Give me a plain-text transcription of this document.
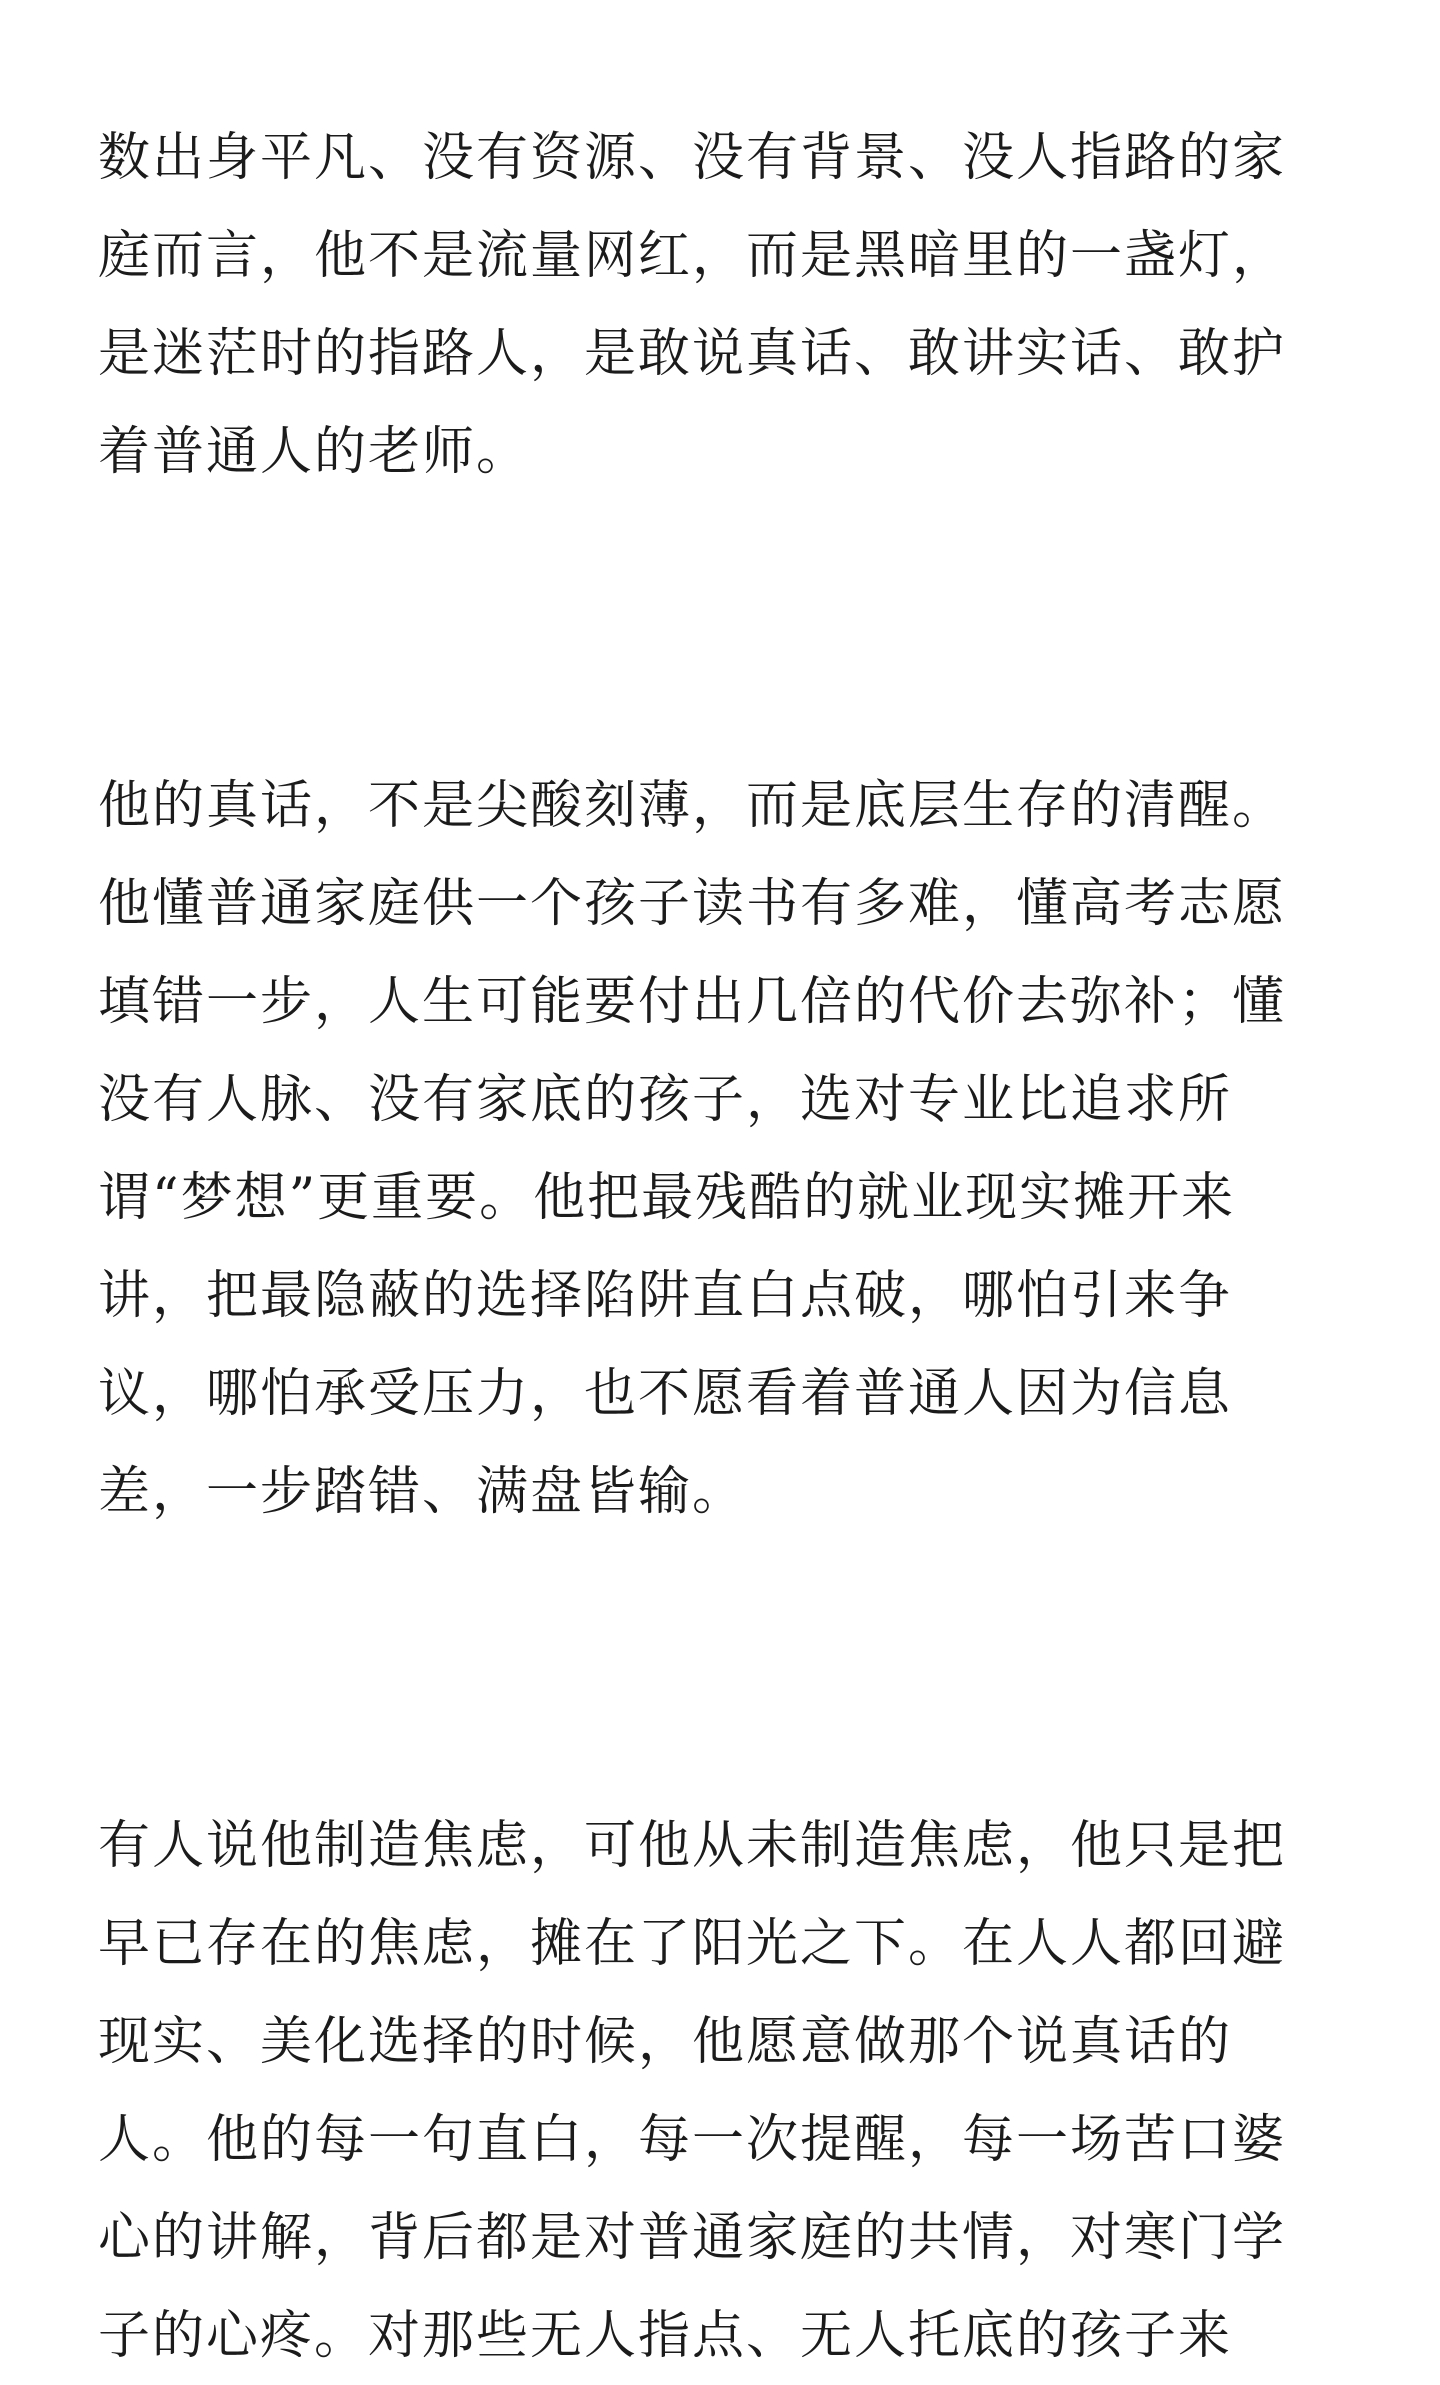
数出身平凡、没有资源、没有背景、没人指路的家
庭而言，他不是流量网红，而是黑暗里的一盏灯，
是迷茫时的指路人，是敢说真话、敢讲实话、敢护
着普通人的老师。
他的真话，不是尖酸刻薄，而是底层生存的清醒。
他懂普通家庭供一个孩子读书有多难，懂高考志愿
填错一步，人生可能要付出几倍的代价去弥补；懂
没有人脉、没有家底的孩子，选对专业比追求所
谓“梦想”更重要。他把最残酷的就业现实摊开来
讲，把最隐蔽的选择陷阱直白点破，哪怕引来争
议，哪怕承受压力，也不愿看着普通人因为信息
差，一步踏错、满盘皆输。
有人说他制造焦虑，可他从未制造焦虑，他只是把
早已存在的焦虑，摊在了阳光之下。在人人都回避
现实、美化选择的时候，他愿意做那个说真话的
人。他的每一句直白，每一次提醒，每一场苦口婆
心的讲解，背后都是对普通家庭的共情，对寒门学
子的心疼。对那些无人指点、无人托底的孩子来
